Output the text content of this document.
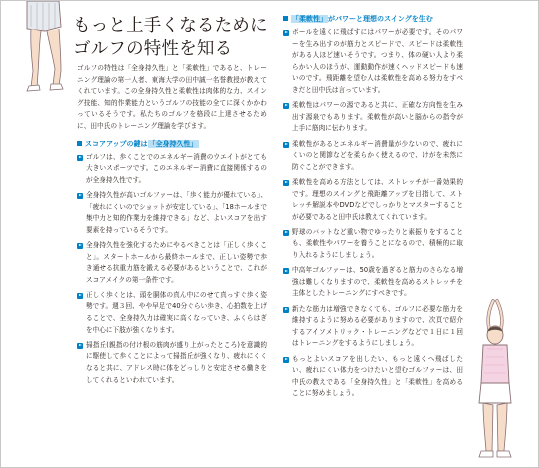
もっと上手くなるために
ゴルフの特性を知る

ゴルフの特性は「全身持久性」と「柔軟性」であると、トレーニング理論の第一人者、東海大学の田中誠一名誉教授が教えてくれています。この全身持久性と柔軟性は肉体的な力、スイング技能、知的作業能力というゴルフの技能の全てに深くかかわっているそうです。私たちのゴルフを格段に上達させるために、田中氏のトレーニング理論を学びます。

スコアアップの鍵は「全身持久性」

ゴルフは、歩くことでのエネルギー消費のウエイトがとても大きいスポーツです。このエネルギー消費に直接関係するのが全身持久性です。

全身持久性が高いゴルファーは、「歩く能力が優れている」、「疲れにくいのでショットが安定している」、「18ホールまで集中力と知的作業力を維持できる」など、よいスコアを出す要素を持っているそうです。

全身持久性を強化するためにやるべきことは「正しく歩くこと」。スタートホールから最終ホールまで、正しい姿勢で歩き通せる抗重力筋を鍛える必要があるということで、これがスコアメイクの第一条件です。

正しく歩くとは、頭を胴体の真ん中にのせて真っすぐ歩く姿勢です。週３回、やや早足で40分ぐらい歩き、心拍数を上げることで、全身持久力は確実に高くなっていき、ふくらはぎを中心に下肢が強くなります。

掃指丘(親指の付け根の筋肉が盛り上がったところ)を意識的に駆使して歩くことによって掃指丘が強くなり、疲れにくくなると共に、アドレス時に体をどっしりと安定させる働きをしてくれるといわれています。

「柔軟性」がパワーと理想のスイングを生む

ボールを遠くに飛ばすにはパワーが必要です。そのパワーを生み出すのが筋力とスピードで、スピードは柔軟性がある人ほど速いそうです。つまり、体の硬い人より柔らかい人のほうが、運動動作が速くヘッドスピードも速いのです。飛距離を望む人は柔軟性を高める努力をすべきだと田中氏は言っています。

柔軟性はパワーの源であると共に、正確な方向性を生み出す源泉でもあります。柔軟性が高いと脳からの指令が上手に筋肉に伝わります。

柔軟性があるとエネルギー消費量が少ないので、疲れにくいのと関節などを柔らかく使えるので、けがを未然に防ぐことができます。

柔軟性を高める方法としては、ストレッチが一番効果的です。理想のスイングと飛距離アップを目指して、ストレッチ解説本やDVDなどでしっかりとマスターすることが必要であると田中氏は教えてくれています。

野球のバットなど重い物でゆったりと素振りをすることも、柔軟性やパワーを養うことになるので、積極的に取り入れるようにしましょう。

中高年ゴルファーは、50歳を過ぎると筋力のさらなる増強は難しくなりますので、柔軟性を高めるストレッチを主体としたトレーニングにすべきです。

新たな筋力は増強できなくても、ゴルフに必要な筋力を維持するように努める必要がありますので、次頁で紹介するアイソメトリック・トレーニングなどで１日に１回はトレーニングをするようにしましょう。

もっとよいスコアを出したい、もっと遠くへ飛ばしたい、疲れにくい体力をつけたいと望むゴルファーは、田中氏の教えである「全身持久性」と「柔軟性」を高めることに努めましょう。
